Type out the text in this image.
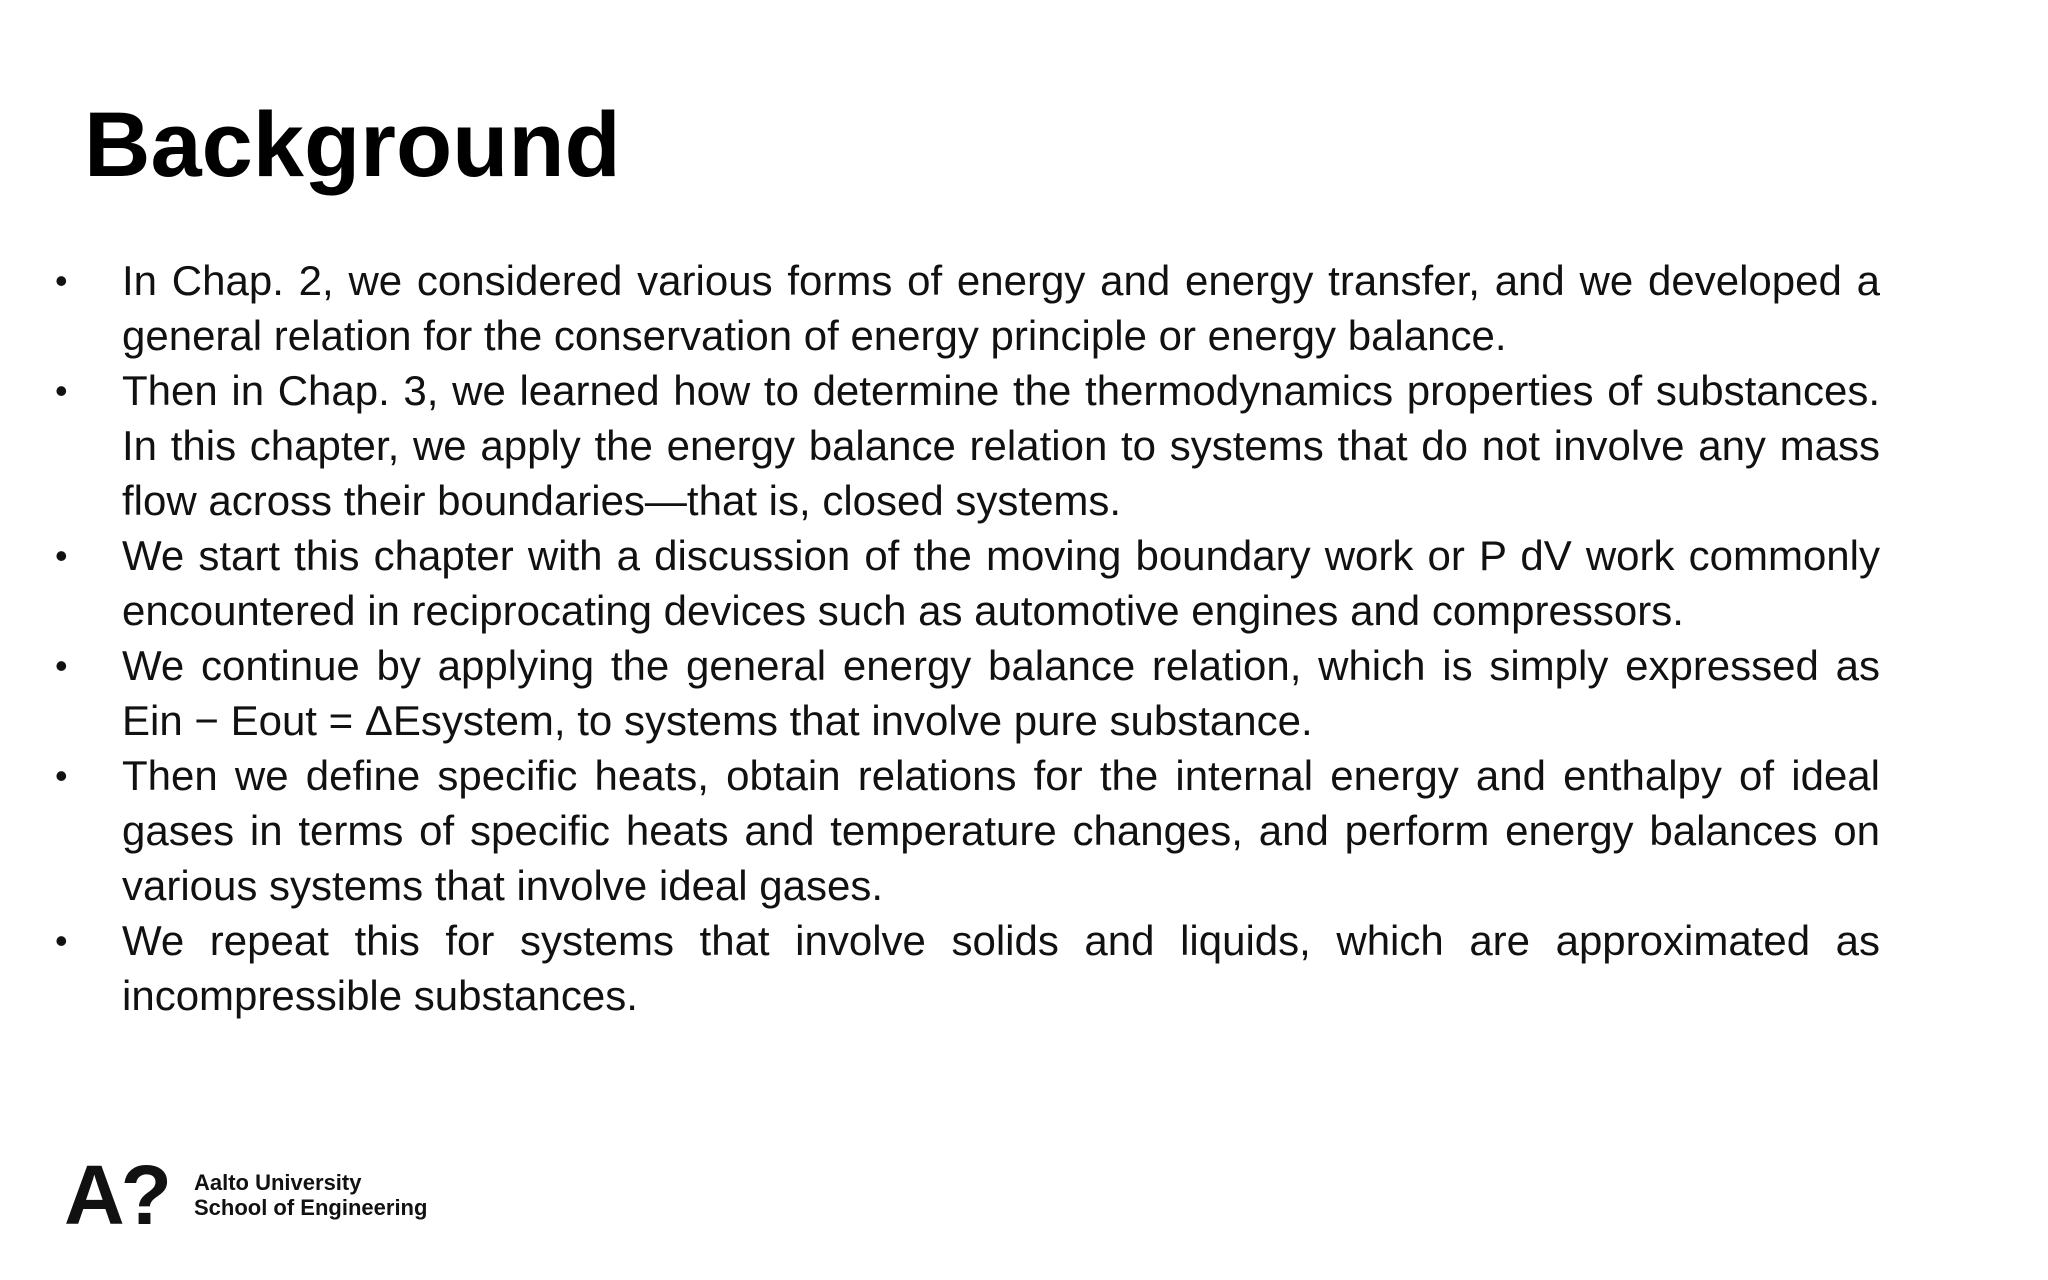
Background
•	In Chap. 2, we considered various forms of energy and energy transfer, and we developed a general relation for the conservation of energy principle or energy balance.
•	Then in Chap. 3, we learned how to determine the thermodynamics properties of substances. In this chapter, we apply the energy balance relation to systems that do not involve any mass flow across their boundaries—that is, closed systems.
•	We start this chapter with a discussion of the moving boundary work or P dV work commonly encountered in reciprocating devices such as automotive engines and compressors.
•	We continue by applying the general energy balance relation, which is simply expressed as Ein − Eout = ΔEsystem, to systems that involve pure substance.
•	Then we define specific heats, obtain relations for the internal energy and enthalpy of ideal gases in terms of specific heats and temperature changes, and perform energy balances on various systems that involve ideal gases.
•	We repeat this for systems that involve solids and liquids, which are approximated as incompressible substances.
A? Aalto University
School of Engineering
